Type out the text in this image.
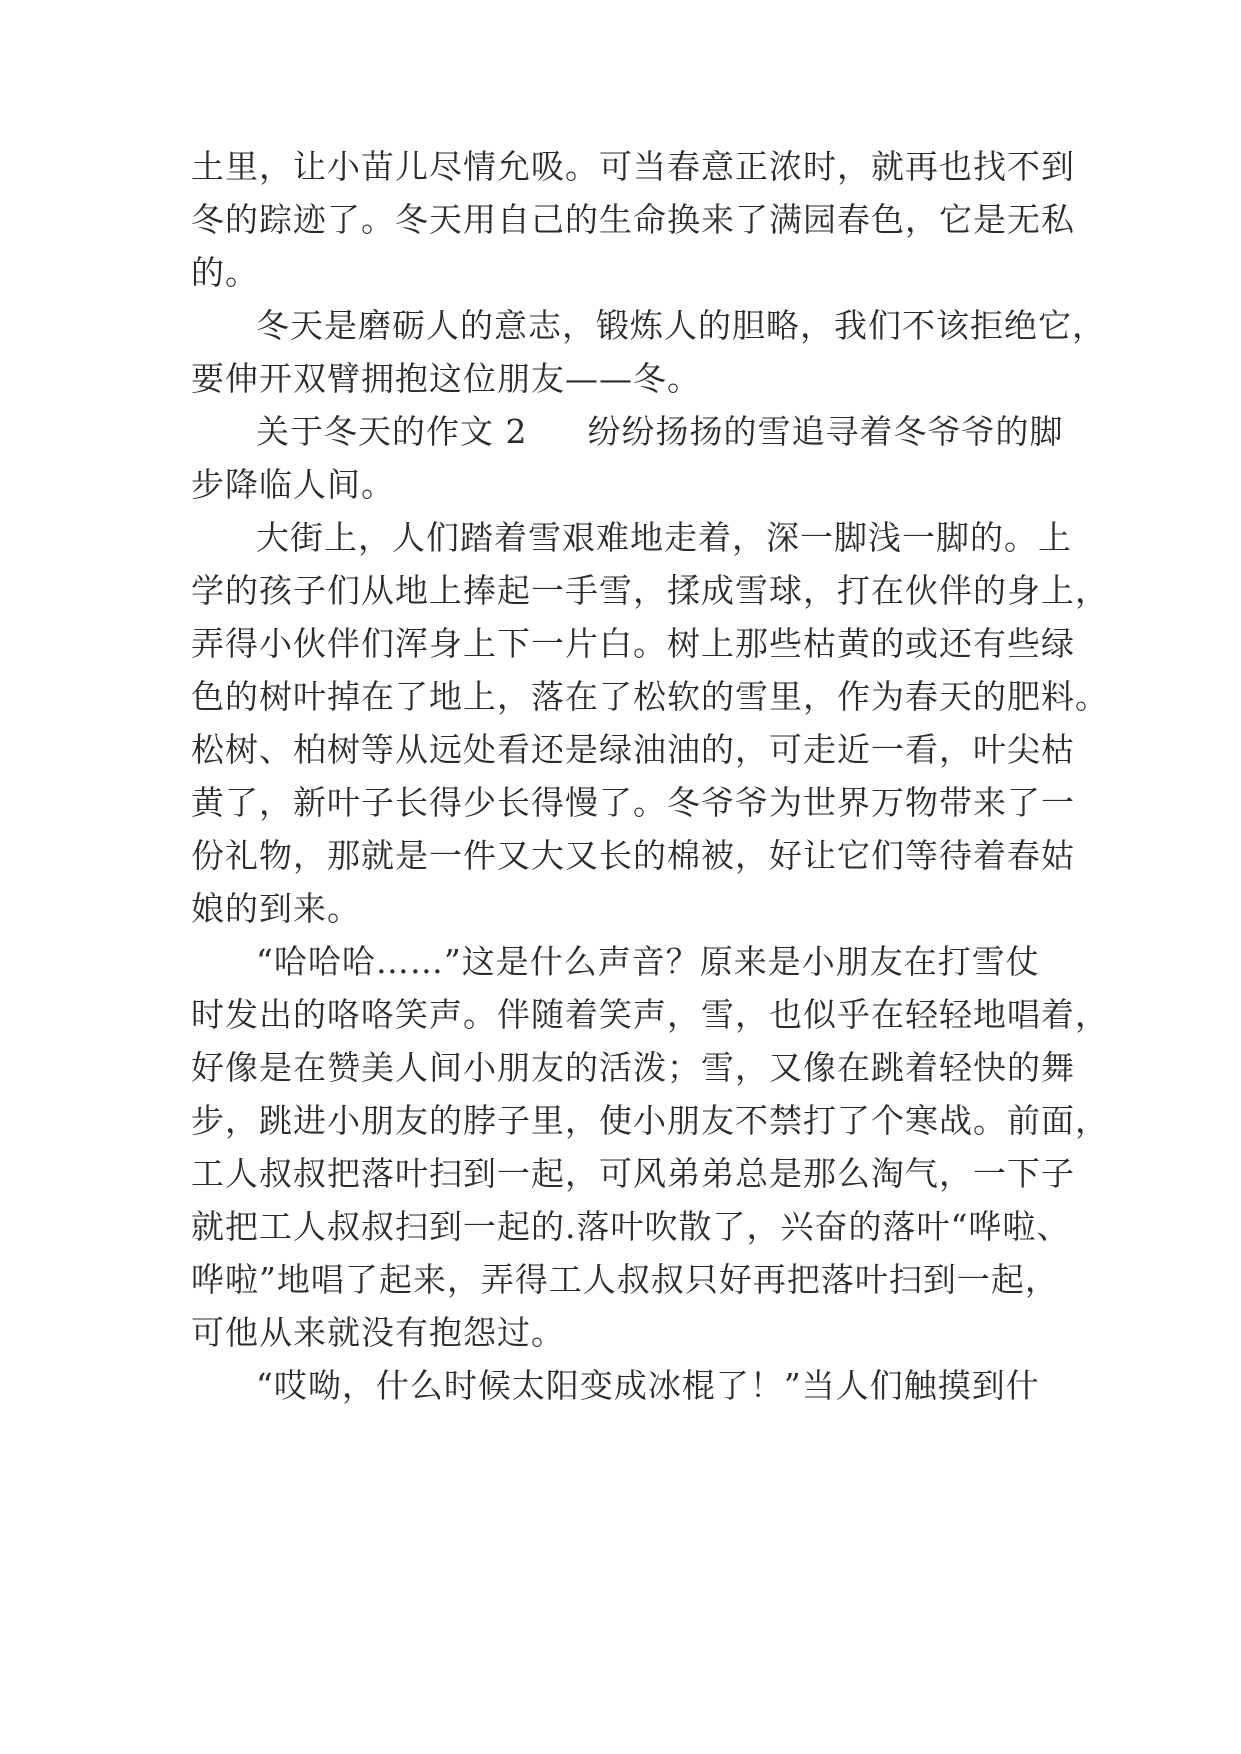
土里，让小苗儿尽情允吸。可当春意正浓时，就再也找不到
冬的踪迹了。冬天用自己的生命换来了满园春色，它是无私
的。
冬天是磨砺人的意志，锻炼人的胆略，我们不该拒绝它，
要伸开双臂拥抱这位朋友——冬。
关于冬天的作文 2 纷纷扬扬的雪追寻着冬爷爷的脚
步降临人间。
大街上，人们踏着雪艰难地走着，深一脚浅一脚的。上
学的孩子们从地上捧起一手雪，揉成雪球，打在伙伴的身上，
弄得小伙伴们浑身上下一片白。树上那些枯黄的或还有些绿
色的树叶掉在了地上，落在了松软的雪里，作为春天的肥料。
松树、柏树等从远处看还是绿油油的，可走近一看，叶尖枯
黄了，新叶子长得少长得慢了。冬爷爷为世界万物带来了一
份礼物，那就是一件又大又长的棉被，好让它们等待着春姑
娘的到来。
“哈哈哈……”这是什么声音？原来是小朋友在打雪仗
时发出的咯咯笑声。伴随着笑声，雪，也似乎在轻轻地唱着，
好像是在赞美人间小朋友的活泼；雪，又像在跳着轻快的舞
步，跳进小朋友的脖子里，使小朋友不禁打了个寒战。前面，
工人叔叔把落叶扫到一起，可风弟弟总是那么淘气，一下子
就把工人叔叔扫到一起的.落叶吹散了，兴奋的落叶“哗啦、
哗啦”地唱了起来，弄得工人叔叔只好再把落叶扫到一起，
可他从来就没有抱怨过。
“哎呦，什么时候太阳变成冰棍了！”当人们触摸到什
